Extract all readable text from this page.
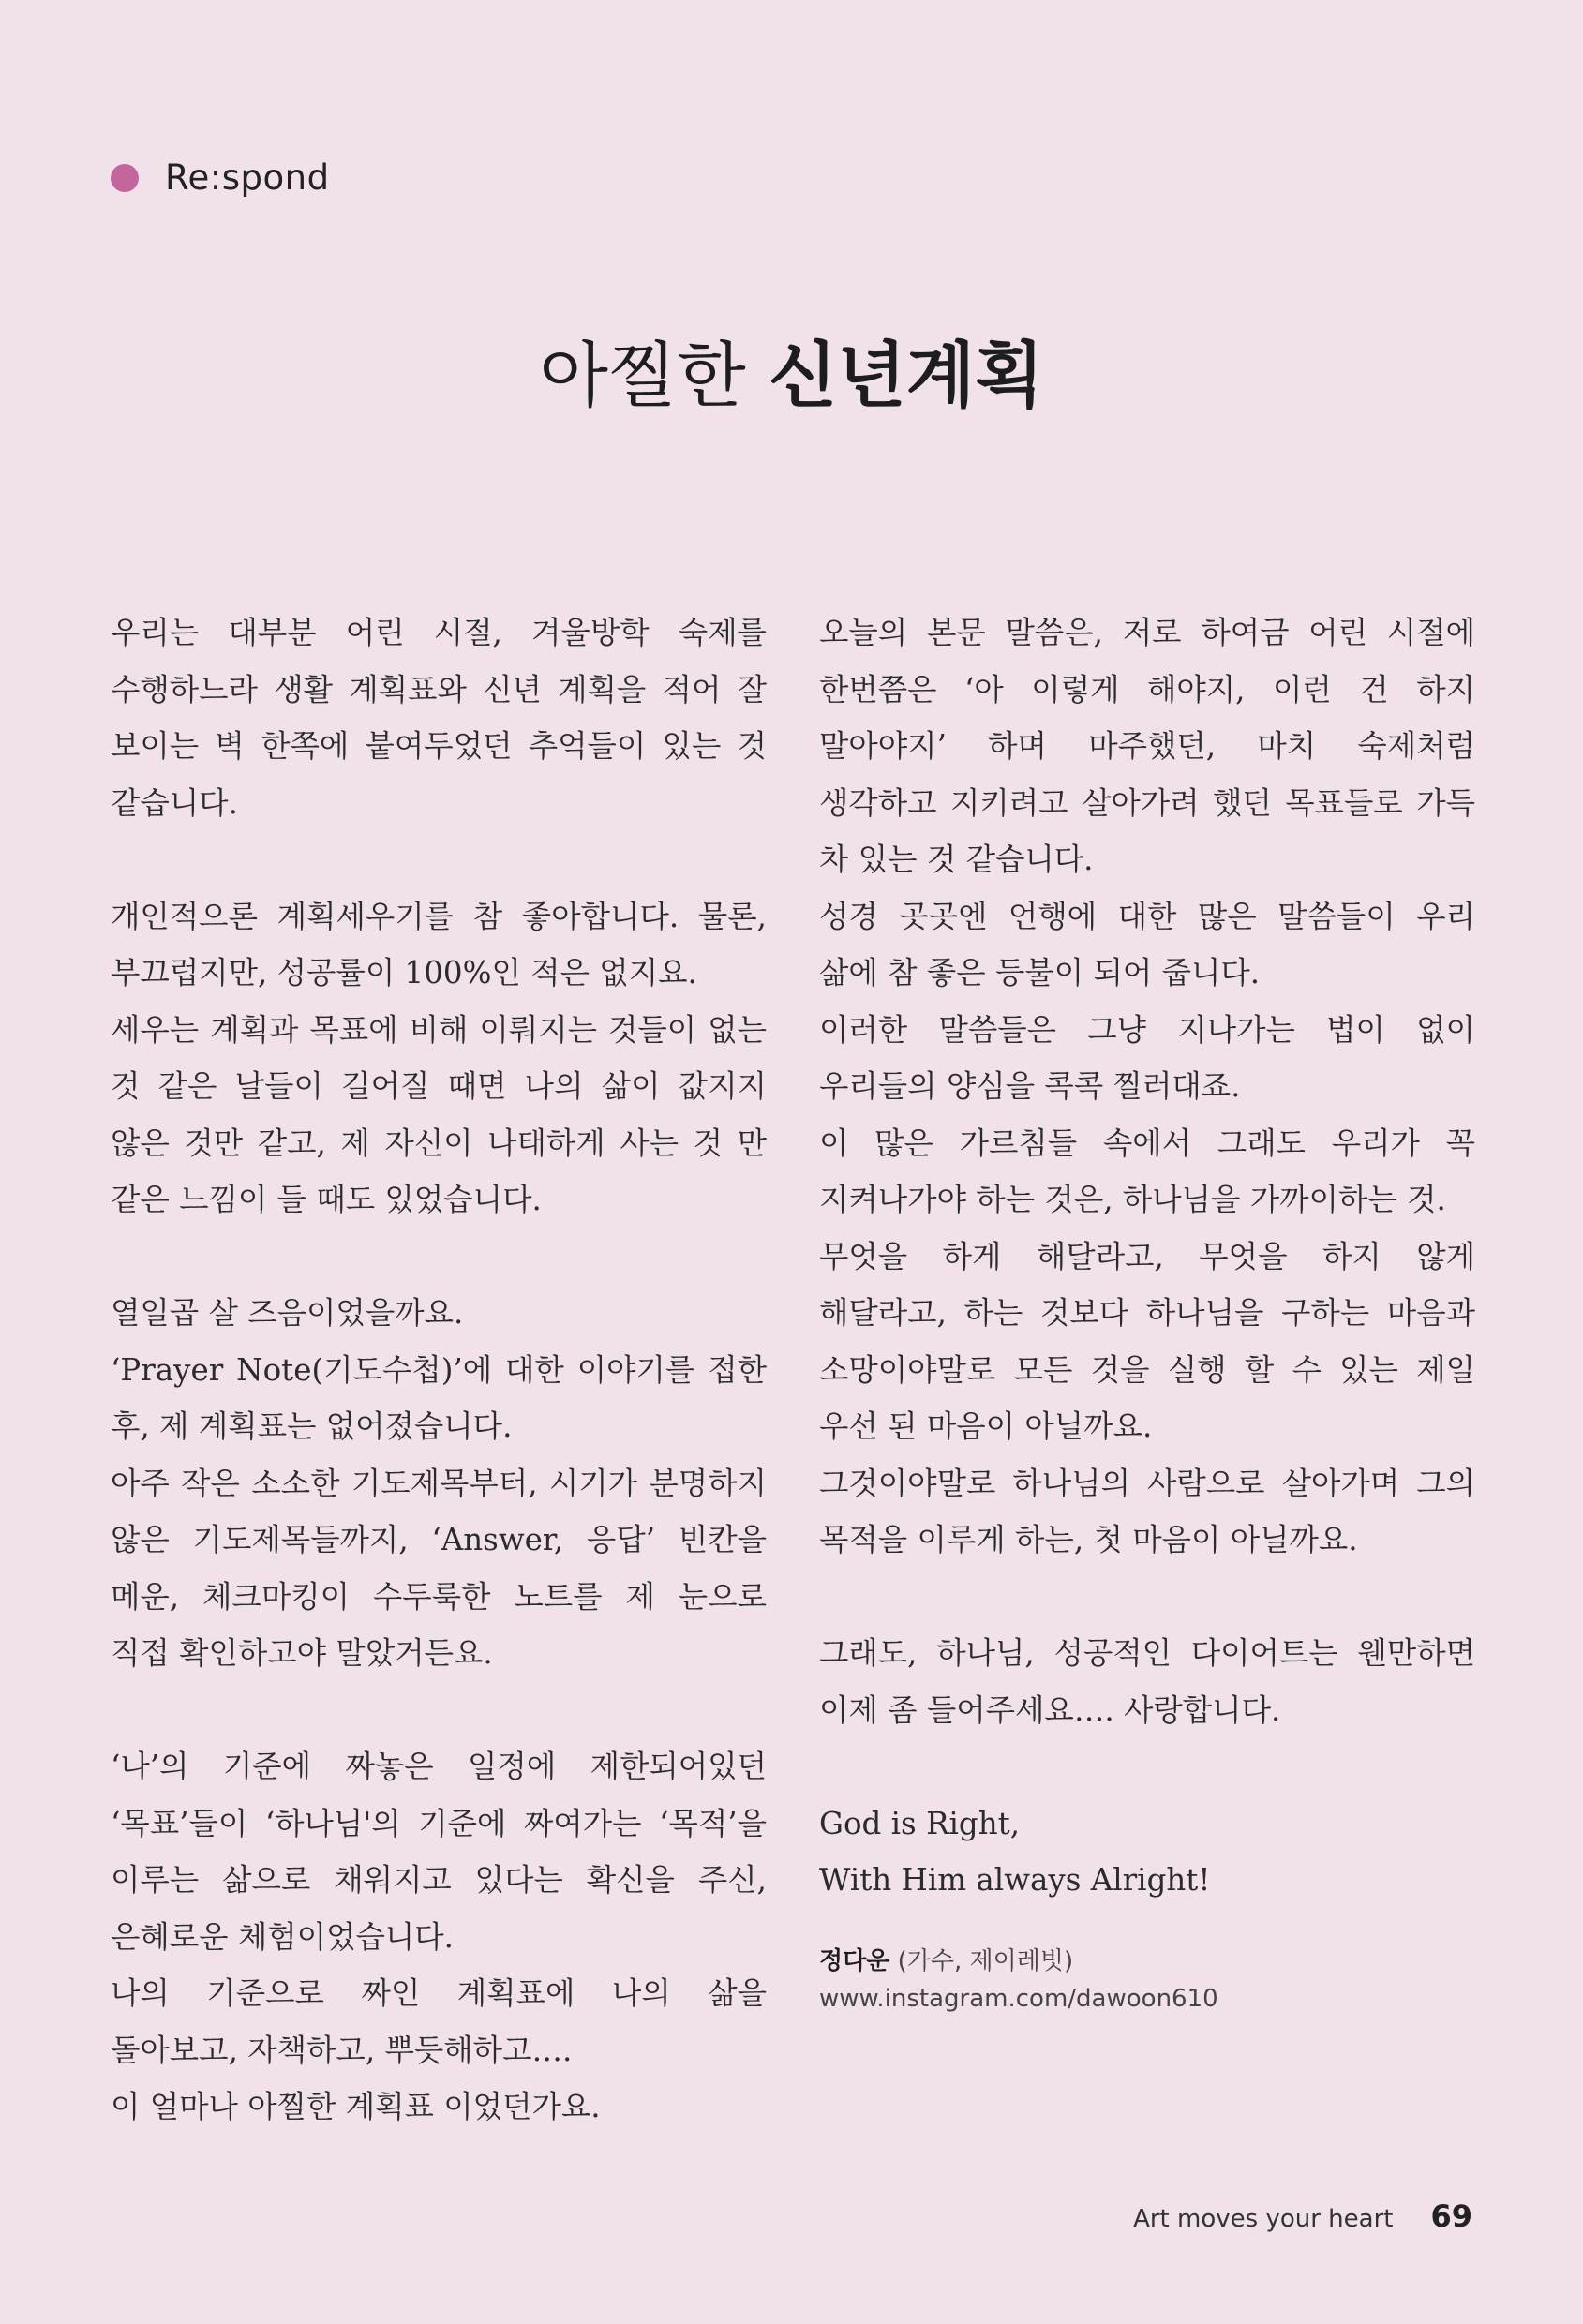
Re:spond
아찔한 신년계획

우리는 대부분 어린 시절, 겨울방학 숙제를 수행하느라 생활 계획표와 신년 계획을 적어 잘 보이는 벽 한쪽에 붙여두었던 추억들이 있는 것 같습니다.

개인적으론 계획세우기를 참 좋아합니다. 물론, 부끄럽지만, 성공률이 100%인 적은 없지요.

세우는 계획과 목표에 비해 이뤄지는 것들이 없는 것 같은 날들이 길어질 때면 나의 삶이 값지지 않은 것만 같고, 제 자신이 나태하게 사는 것 만 같은 느낌이 들 때도 있었습니다.

열일곱 살 즈음이었을까요.

‘Prayer Note(기도수첩)’에 대한 이야기를 접한 후, 제 계획표는 없어졌습니다.

아주 작은 소소한 기도제목부터, 시기가 분명하지 않은 기도제목들까지, ‘Answer, 응답’ 빈칸을 메운, 체크마킹이 수두룩한 노트를 제 눈으로 직접 확인하고야 말았거든요.

‘나’의 기준에 짜놓은 일정에 제한되어있던 ‘목표’들이 ‘하나님'의 기준에 짜여가는 ‘목적’을 이루는 삶으로 채워지고 있다는 확신을 주신, 은혜로운 체험이었습니다.

나의 기준으로 짜인 계획표에 나의 삶을 돌아보고, 자책하고, 뿌듯해하고….

이 얼마나 아찔한 계획표 이었던가요.

오늘의 본문 말씀은, 저로 하여금 어린 시절에 한번쯤은 ‘아 이렇게 해야지, 이런 건 하지 말아야지’ 하며 마주했던, 마치 숙제처럼 생각하고 지키려고 살아가려 했던 목표들로 가득 차 있는 것 같습니다.

성경 곳곳엔 언행에 대한 많은 말씀들이 우리 삶에 참 좋은 등불이 되어 줍니다.

이러한 말씀들은 그냥 지나가는 법이 없이 우리들의 양심을 콕콕 찔러대죠.

이 많은 가르침들 속에서 그래도 우리가 꼭 지켜나가야 하는 것은, 하나님을 가까이하는 것.

무엇을 하게 해달라고, 무엇을 하지 않게 해달라고, 하는 것보다 하나님을 구하는 마음과 소망이야말로 모든 것을 실행 할 수 있는 제일 우선 된 마음이 아닐까요.

그것이야말로 하나님의 사람으로 살아가며 그의 목적을 이루게 하는, 첫 마음이 아닐까요.

그래도, 하나님, 성공적인 다이어트는 웬만하면 이제 좀 들어주세요…. 사랑합니다.

God is Right,

With Him always Alright!

정다운 (가수, 제이레빗)
www.instagram.com/dawoon610
Art moves your heart 69
